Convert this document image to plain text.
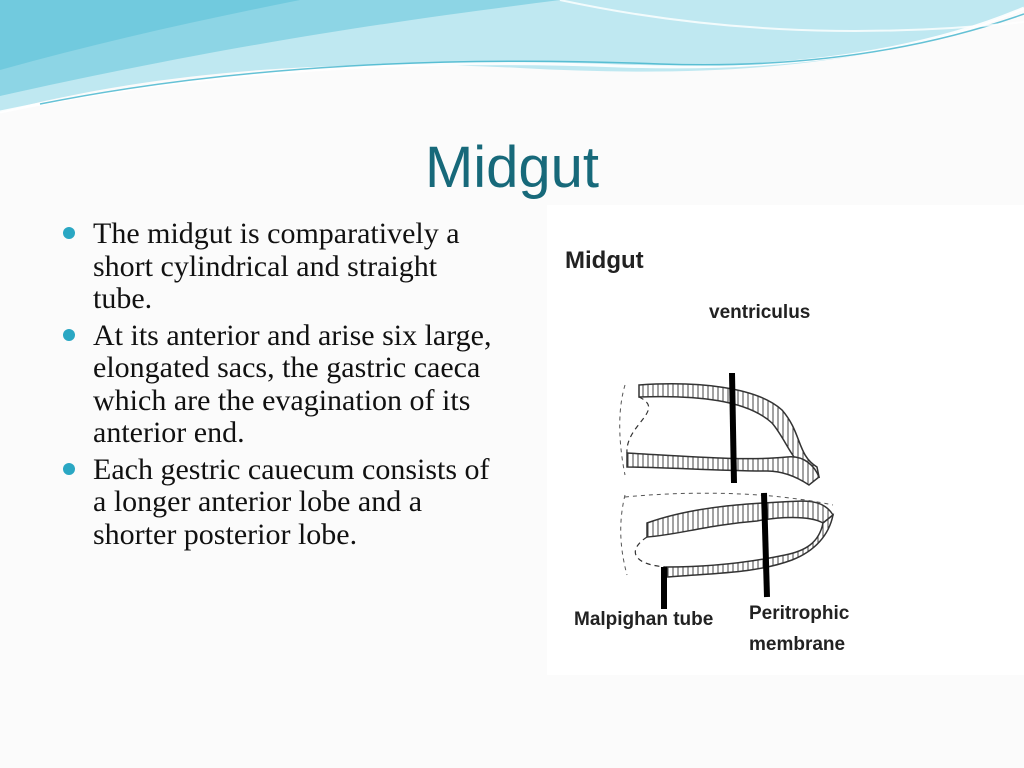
Midgut
The midgut is comparatively a short cylindrical and straight tube.
At its anterior and arise six large, elongated sacs, the gastric caeca which are the evagination of its anterior end.
Each gestric cauecum consists of a longer anterior lobe and a shorter posterior lobe.
Midgut
ventriculus
Malpighan tube Peritrophic membrane
